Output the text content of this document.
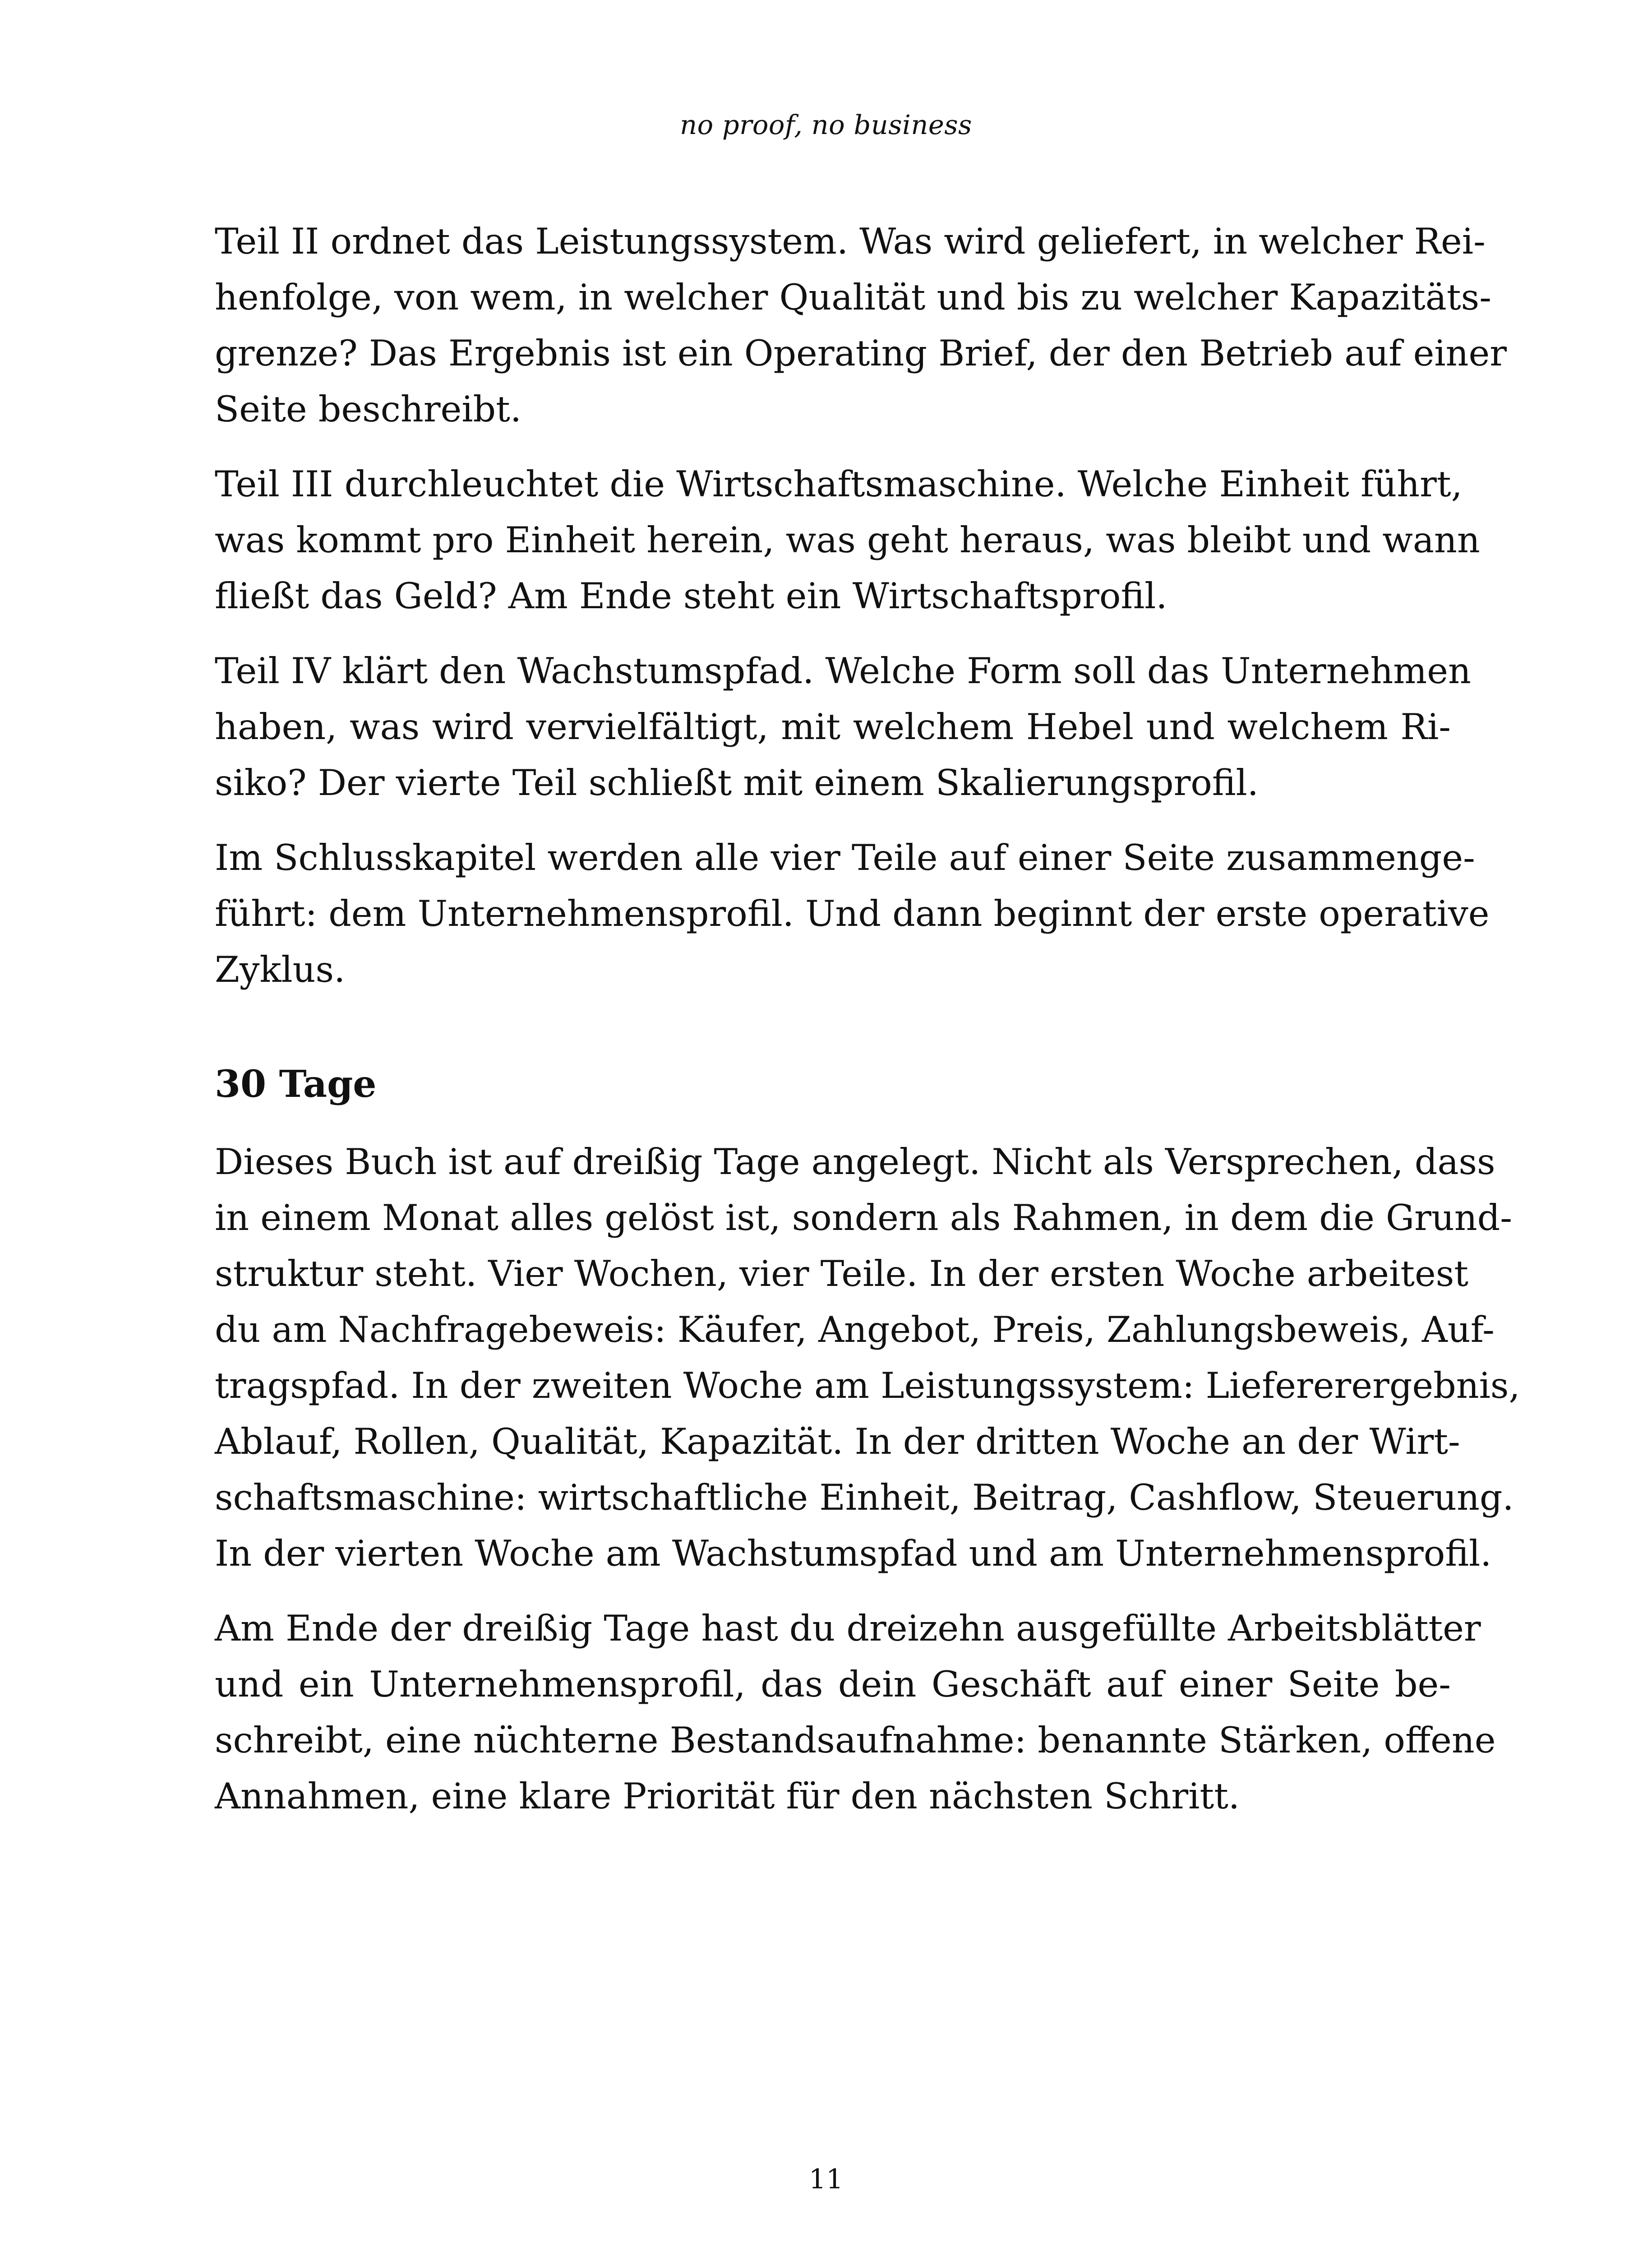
no proof, no business
Teil II ordnet das Leistungssystem. Was wird geliefert, in welcher Rei-
henfolge, von wem, in welcher Qualität und bis zu welcher Kapazitäts-
grenze? Das Ergebnis ist ein Operating Brief, der den Betrieb auf einer
Seite beschreibt.
Teil III durchleuchtet die Wirtschaftsmaschine. Welche Einheit führt,
was kommt pro Einheit herein, was geht heraus, was bleibt und wann
fließt das Geld? Am Ende steht ein Wirtschaftsprofil.
Teil IV klärt den Wachstumspfad. Welche Form soll das Unternehmen
haben, was wird vervielfältigt, mit welchem Hebel und welchem Ri-
siko? Der vierte Teil schließt mit einem Skalierungsprofil.
Im Schlusskapitel werden alle vier Teile auf einer Seite zusammenge-
führt: dem Unternehmensprofil. Und dann beginnt der erste operative
Zyklus.
30 Tage
Dieses Buch ist auf dreißig Tage angelegt. Nicht als Versprechen, dass
in einem Monat alles gelöst ist, sondern als Rahmen, in dem die Grund-
struktur steht. Vier Wochen, vier Teile. In der ersten Woche arbeitest
du am Nachfragebeweis: Käufer, Angebot, Preis, Zahlungsbeweis, Auf-
tragspfad. In der zweiten Woche am Leistungssystem: Liefererergebnis,
Ablauf, Rollen, Qualität, Kapazität. In der dritten Woche an der Wirt-
schaftsmaschine: wirtschaftliche Einheit, Beitrag, Cashflow, Steuerung.
In der vierten Woche am Wachstumspfad und am Unternehmensprofil.
Am Ende der dreißig Tage hast du dreizehn ausgefüllte Arbeitsblätter
und ein Unternehmensprofil, das dein Geschäft auf einer Seite be-
schreibt, eine nüchterne Bestandsaufnahme: benannte Stärken, offene
Annahmen, eine klare Priorität für den nächsten Schritt.
11
